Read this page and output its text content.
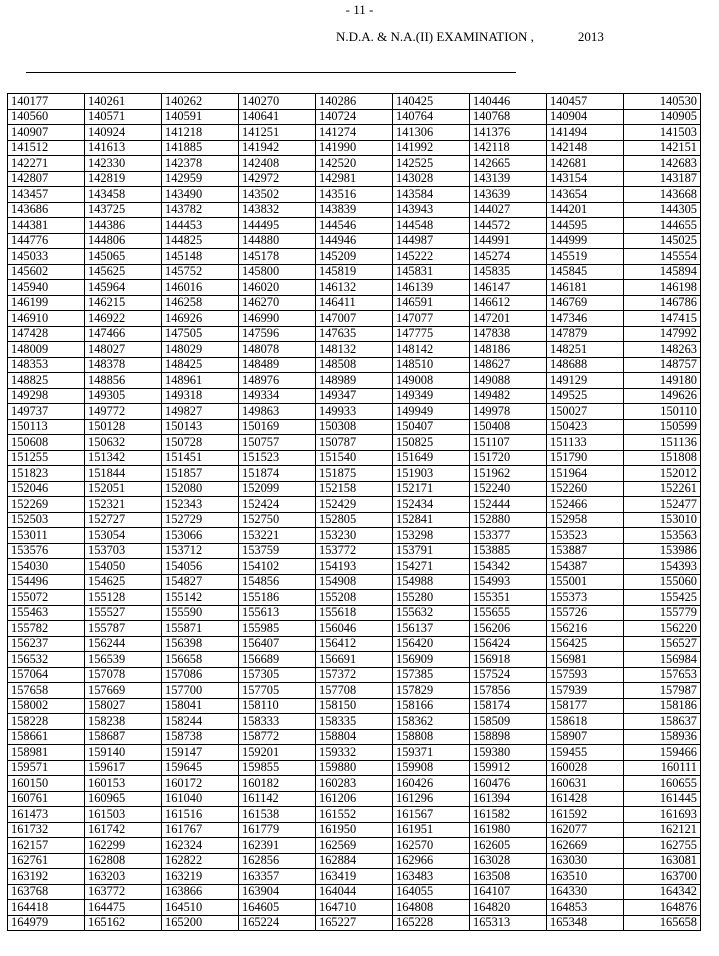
- 11 -
N.D.A. & N.A.(II) EXAMINATION ,	2013
140177	140261	140262	140270	140286	140425	140446	140457	140530
140560	140571	140591	140641	140724	140764	140768	140904	140905
140907	140924	141218	141251	141274	141306	141376	141494	141503
141512	141613	141885	141942	141990	141992	142118	142148	142151
142271	142330	142378	142408	142520	142525	142665	142681	142683
142807	142819	142959	142972	142981	143028	143139	143154	143187
143457	143458	143490	143502	143516	143584	143639	143654	143668
143686	143725	143782	143832	143839	143943	144027	144201	144305
144381	144386	144453	144495	144546	144548	144572	144595	144655
144776	144806	144825	144880	144946	144987	144991	144999	145025
145033	145065	145148	145178	145209	145222	145274	145519	145554
145602	145625	145752	145800	145819	145831	145835	145845	145894
145940	145964	146016	146020	146132	146139	146147	146181	146198
146199	146215	146258	146270	146411	146591	146612	146769	146786
146910	146922	146926	146990	147007	147077	147201	147346	147415
147428	147466	147505	147596	147635	147775	147838	147879	147992
148009	148027	148029	148078	148132	148142	148186	148251	148263
148353	148378	148425	148489	148508	148510	148627	148688	148757
148825	148856	148961	148976	148989	149008	149088	149129	149180
149298	149305	149318	149334	149347	149349	149482	149525	149626
149737	149772	149827	149863	149933	149949	149978	150027	150110
150113	150128	150143	150169	150308	150407	150408	150423	150599
150608	150632	150728	150757	150787	150825	151107	151133	151136
151255	151342	151451	151523	151540	151649	151720	151790	151808
151823	151844	151857	151874	151875	151903	151962	151964	152012
152046	152051	152080	152099	152158	152171	152240	152260	152261
152269	152321	152343	152424	152429	152434	152444	152466	152477
152503	152727	152729	152750	152805	152841	152880	152958	153010
153011	153054	153066	153221	153230	153298	153377	153523	153563
153576	153703	153712	153759	153772	153791	153885	153887	153986
154030	154050	154056	154102	154193	154271	154342	154387	154393
154496	154625	154827	154856	154908	154988	154993	155001	155060
155072	155128	155142	155186	155208	155280	155351	155373	155425
155463	155527	155590	155613	155618	155632	155655	155726	155779
155782	155787	155871	155985	156046	156137	156206	156216	156220
156237	156244	156398	156407	156412	156420	156424	156425	156527
156532	156539	156658	156689	156691	156909	156918	156981	156984
157064	157078	157086	157305	157372	157385	157524	157593	157653
157658	157669	157700	157705	157708	157829	157856	157939	157987
158002	158027	158041	158110	158150	158166	158174	158177	158186
158228	158238	158244	158333	158335	158362	158509	158618	158637
158661	158687	158738	158772	158804	158808	158898	158907	158936
158981	159140	159147	159201	159332	159371	159380	159455	159466
159571	159617	159645	159855	159880	159908	159912	160028	160111
160150	160153	160172	160182	160283	160426	160476	160631	160655
160761	160965	161040	161142	161206	161296	161394	161428	161445
161473	161503	161516	161538	161552	161567	161582	161592	161693
161732	161742	161767	161779	161950	161951	161980	162077	162121
162157	162299	162324	162391	162569	162570	162605	162669	162755
162761	162808	162822	162856	162884	162966	163028	163030	163081
163192	163203	163219	163357	163419	163483	163508	163510	163700
163768	163772	163866	163904	164044	164055	164107	164330	164342
164418	164475	164510	164605	164710	164808	164820	164853	164876
164979	165162	165200	165224	165227	165228	165313	165348	165658
